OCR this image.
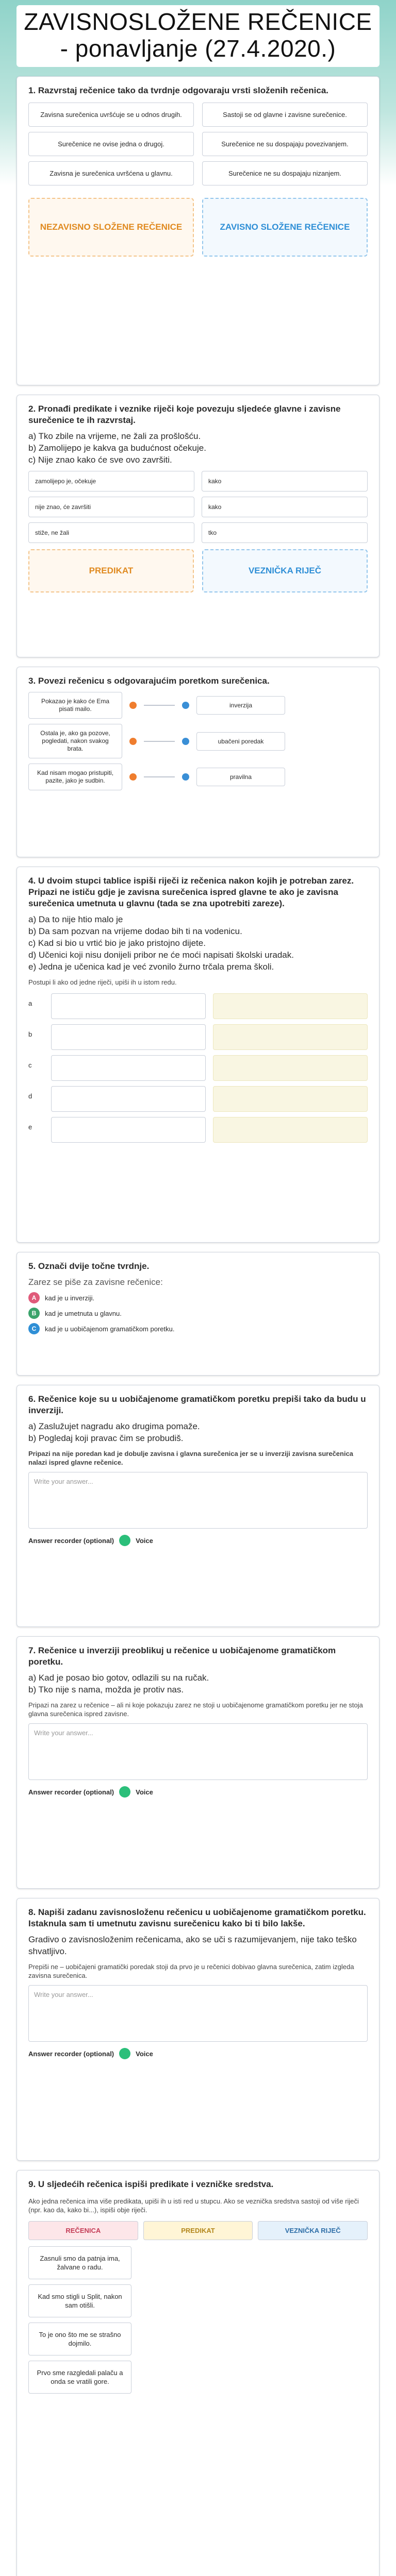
ZAVISNOSLOŽENE REČENICE - ponavljanje (27.4.2020.)

1. Razvrstaj rečenice tako da tvrdnje odgovaraju vrsti složenih rečenica.

Zavisna surečenica uvršćuje se u odnos drugih.	Sastoji se od glavne i zavisne surečenice.
Surečenice ne ovise jedna o drugoj.	Surečenice ne su dospajaju povezivanjem.
Zavisna je surečenica uvršćena u glavnu.	Surečenice ne su dospajaju nizanjem.
NEZAVISNO SLOŽENE REČENICE	ZAVISNO SLOŽENE REČENICE

2. Pronađi predikate i veznike riječi koje povezuju sljedeće glavne i zavisne surečenice te ih razvrstaj.

a) Tko zbile na vrijeme, ne žali za prošlošću.

b) Zamolijepo je kakva ga budućnost očekuje.

c) Nije znao kako će sve ovo završiti.

zamolijepo je, očekuje	kako
nije znao, će završiti	kako
stiže, ne žali	tko
PREDIKAT	VEZNIČKA RIJEČ

3. Povezi rečenicu s odgovarajućim poretkom surečenica.

Pokazao je kako će Ema pisati mailo.	inverzija
Ostala je, ako ga pozove, pogledati, nakon svakog brata.
ubačeni poredak
Kad nisam mogao pristupiti, pazite, jako je sudbin.	pravilna

4. U dvoim stupci tablice ispiši riječi iz rečenica nakon kojih je potreban zarez. Pripazi ne ističu gdje je zavisna surečenica ispred glavne te ako je zavisna surečenica umetnuta u glavnu (tada se zna upotrebiti zareze).

a) Da to nije htio malo je

b) Da sam pozvan na vrijeme dodao bih ti na vodenicu.

c) Kad si bio u vrtić bio je jako pristojno dijete.

d) Učenici koji nisu donijeli pribor ne će moći napisati školski uradak.

e) Jedna je učenica kad je već zvonilo žurno trčala prema školi.

Postupi li ako od jedne riječi, upiši ih u istom redu.

a
b
c
d
e

5. Označi dvije točne tvrdnje.

Zarez se piše za zavisne rečenice:

A	kad je u inverziji.
B	kad je umetnuta u glavnu.
C	kad je u uobičajenom gramatičkom poretku.

6. Rečenice koje su u uobičajenome gramatičkom poretku prepiši tako da budu u inverziji.

a) Zaslužujet nagradu ako drugima pomaže.

b) Pogledaj koji pravac čim se probudiš.

Pripazi na nije poredan kad je dobulje zavisna i glavna surečenica jer se u inverziji zavisna surečenica nalazi ispred glavne rečenice.

Write your answer...
Answer recorder (optional)	Voice

7. Rečenice u inverziji preoblikuj u rečenice u uobičajenome gramatičkom poretku.

a) Kad je posao bio gotov, odlazili su na ručak.

b) Tko nije s nama, možda je protiv nas.

Pripazi na zarez u rečenice – ali ni koje pokazuju zarez ne stoji u uobičajenome gramatičkom poretku jer ne stoja glavna surečenica ispred zavisne.

Write your answer...
Answer recorder (optional)	Voice

8. Napiši zadanu zavisnosloženu rečenicu u uobičajenome gramatičkom poretku. Istaknula sam ti umetnutu zavisnu surečenicu kako bi ti bilo lakše.

Gradivo o zavisnosloženim rečenicama, ako se uči s razumijevanjem, nije tako teško shvatljivo.

Prepiši ne – uobičajeni gramatički poredak stoji da prvo je u rečenici dobivao glavna surečenica, zatim izgleda zavisna surečenica.

Write your answer...
Answer recorder (optional)	Voice

9. U sljedećih rečenica ispiši predikate i vezničke sredstva.

Ako jedna rečenica ima više predikata, upiši ih u isti red u stupcu. Ako se veznička sredstva sastoji od više riječi (npr. kao da, kako bi...), ispiši obje riječi.

REČENICA	PREDIKAT	VEZNIČKA RIJEČ
Zasnuli smo da patnja ima, žalvane o radu.
Kad smo stigli u Split, nakon sam otišli.
To je ono što me se strašno dojmilo.
Prvo sme razgledali palaču a onda se vratili gore.
